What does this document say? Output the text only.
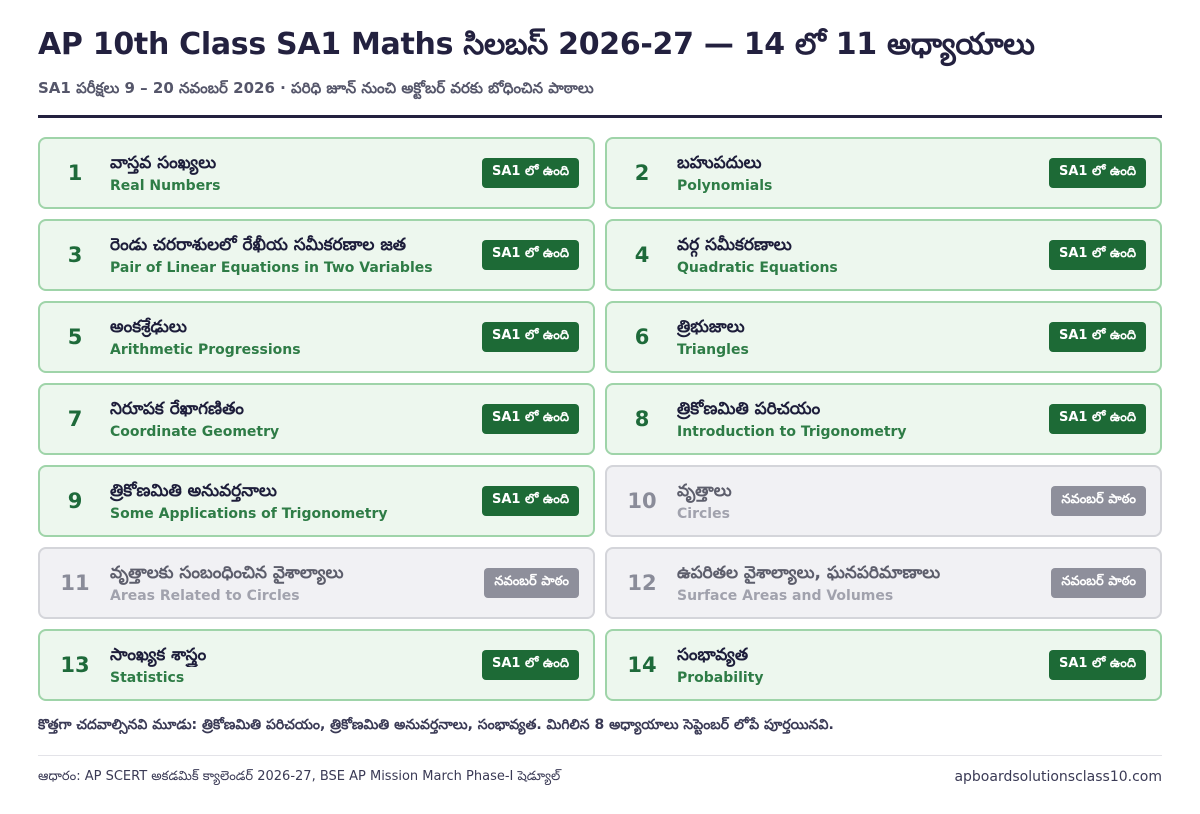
AP 10th Class SA1 Maths సిలబస్ 2026-27 — 14 లో 11 అధ్యాయాలు
SA1 పరీక్షలు 9 – 20 నవంబర్ 2026 · పరిధి జూన్ నుంచి అక్టోబర్ వరకు బోధించిన పాఠాలు
1	వాస్తవ సంఖ్యలు
Real Numbers
SA1 లో ఉంది	2	బహుపదులు
Polynomials
SA1 లో ఉంది
3	రెండు చరరాశులలో రేఖీయ సమీకరణాల జత
Pair of Linear Equations in Two Variables
SA1 లో ఉంది	4	వర్గ సమీకరణాలు
Quadratic Equations
SA1 లో ఉంది
5	అంకశ్రేఢులు
Arithmetic Progressions
SA1 లో ఉంది	6	త్రిభుజాలు
Triangles
SA1 లో ఉంది
7	నిరూపక రేఖాగణితం
Coordinate Geometry
SA1 లో ఉంది	8	త్రికోణమితి పరిచయం
Introduction to Trigonometry
SA1 లో ఉంది
9	త్రికోణమితి అనువర్తనాలు
Some Applications of Trigonometry
SA1 లో ఉంది	10	వృత్తాలు
Circles
నవంబర్ పాఠం
11	వృత్తాలకు సంబంధించిన వైశాల్యాలు
Areas Related to Circles
నవంబర్ పాఠం	12	ఉపరితల వైశాల్యాలు, ఘనపరిమాణాలు
Surface Areas and Volumes
నవంబర్ పాఠం
13	సాంఖ్యక శాస్త్రం
Statistics
SA1 లో ఉంది	14	సంభావ్యత
Probability
SA1 లో ఉంది
కొత్తగా చదవాల్సినవి మూడు: త్రికోణమితి పరిచయం, త్రికోణమితి అనువర్తనాలు, సంభావ్యత. మిగిలిన 8 అధ్యాయాలు సెప్టెంబర్ లోపే పూర్తయినవి.
ఆధారం: AP SCERT అకడమిక్ క్యాలెండర్ 2026-27, BSE AP Mission March Phase-I షెడ్యూల్	apboardsolutionsclass10.com
